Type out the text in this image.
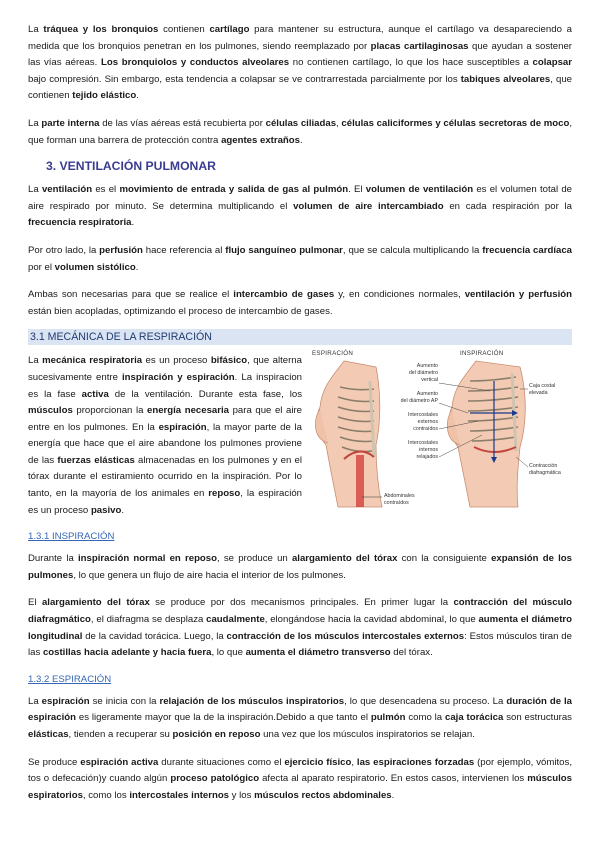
La tráquea y los bronquios contienen cartílago para mantener su estructura, aunque el cartílago va desapareciendo a medida que los bronquios penetran en los pulmones, siendo reemplazado por placas cartilaginosas que ayudan a sostener las vías aéreas. Los bronquiolos y conductos alveolares no contienen cartílago, lo que los hace susceptibles a colapsar bajo compresión. Sin embargo, esta tendencia a colapsar se ve contrarrestada parcialmente por los tabiques alveolares, que contienen tejido elástico.

La parte interna de las vías aéreas está recubierta por células ciliadas, células caliciformes y células secretoras de moco, que forman una barrera de protección contra agentes extraños.

3. VENTILACIÓN PULMONAR

La ventilación es el movimiento de entrada y salida de gas al pulmón. El volumen de ventilación es el volumen total de aire respirado por minuto. Se determina multiplicando el volumen de aire intercambiado en cada respiración por la frecuencia respiratoria.

Por otro lado, la perfusión hace referencia al flujo sanguíneo pulmonar, que se calcula multiplicando la frecuencia cardíaca por el volumen sistólico.

Ambas son necesarias para que se realice el intercambio de gases y, en condiciones normales, ventilación y perfusión están bien acopladas, optimizando el proceso de intercambio de gases.

3.1 MECÁNICA DE LA RESPIRACIÓN

La mecánica respiratoria es un proceso bifásico, que alterna sucesivamente entre inspiración y espiración. La inspiracion es la fase activa de la ventilación. Durante esta fase, los músculos proporcionan la energía necesaria para que el aire entre en los pulmones. En la espiración, la mayor parte de la energía que hace que el aire abandone los pulmones proviene de las fuerzas elásticas almacenadas en los pulmones y en el tórax durante el estiramiento ocurrido en la inspiración. Por lo tanto, en la mayoría de los animales en reposo, la espiración es un proceso pasivo.

ESPIRACIÓN	INSPIRACIÓN
Abdominales
contraídos
Aumento
del diámetro
vertical
Aumento
del diámetro AP
Intercostales
externos
contraídos
Intercostales
internos
relajados
Caja costal
elevada
Contracción
diafragmática
1.3.1 INSPIRACIÓN

Durante la inspiración normal en reposo, se produce un alargamiento del tórax con la consiguiente expansión de los pulmones, lo que genera un flujo de aire hacia el interior de los pulmones.

El alargamiento del tórax se produce por dos mecanismos principales. En primer lugar la contracción del músculo diafragmático, el diafragma se desplaza caudalmente, elongándose hacia la cavidad abdominal, lo que aumenta el diámetro longitudinal de la cavidad torácica. Luego, la contracción de los músculos intercostales externos: Estos músculos tiran de las costillas hacia adelante y hacia fuera, lo que aumenta el diámetro transverso del tórax.

1.3.2 ESPIRACIÓN

La espiración se inicia con la relajación de los músculos inspiratorios, lo que desencadena su proceso. La duración de la espiración es ligeramente mayor que la de la inspiración.Debido a que tanto el pulmón como la caja torácica son estructuras elásticas, tienden a recuperar su posición en reposo una vez que los músculos inspiratorios se relajan.

Se produce espiración activa durante situaciones como el ejercicio físico, las espiraciones forzadas (por ejemplo, vómitos, tos o defecación)y cuando algún proceso patológico afecta al aparato respiratorio. En estos casos, intervienen los músculos espiratorios, como los intercostales internos y los músculos rectos abdominales.
